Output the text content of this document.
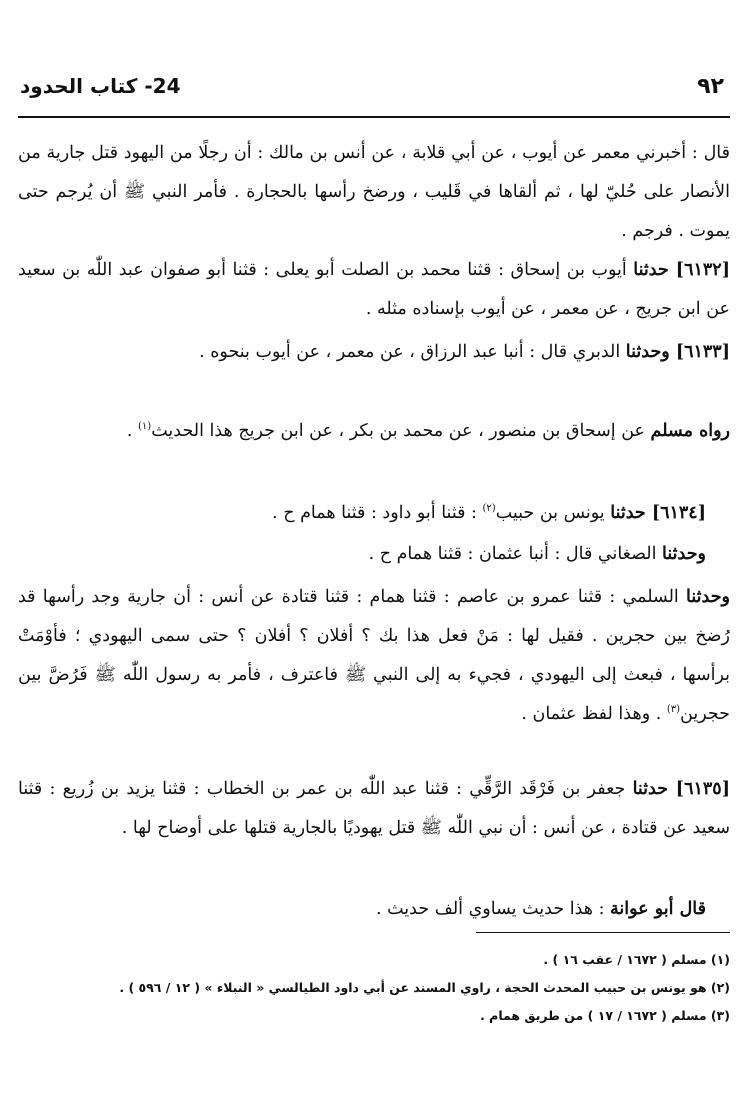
٩٢
24- كتاب الحدود

قال : أخبرني معمر عن أيوب ، عن أبي قلابة ، عن أنس بن مالك : أن رجلًا من اليهود قتل جارية من الأنصار على حُليّ لها ، ثم ألقاها في قَليب ، ورضخ رأسها بالحجارة . فأمر النبي ﷺ أن يُرجم حتى يموت . فرجم .

[٦١٣٢] حدثنا أيوب بن إسحاق : قثنا محمد بن الصلت أبو يعلى : قثنا أبو صفوان عبد اللّٰه بن سعيد عن ابن جريج ، عن معمر ، عن أيوب بإسناده مثله .

[٦١٣٣] وحدثنا الدبري قال : أنبا عبد الرزاق ، عن معمر ، عن أيوب بنحوه .

رواه مسلم عن إسحاق بن منصور ، عن محمد بن بكر ، عن ابن جريج هذا الحديث$^{(١)}$ .

[٦١٣٤] حدثنا يونس بن حبيب$^{(٢)}$ : قثنا أبو داود : قثنا همام ح .

وحدثنا الصغاني قال : أنبا عثمان : قثنا همام ح .

وحدثنا السلمي : قثنا عمرو بن عاصم : قثنا همام : قثنا قتادة عن أنس : أن جارية وجد رأسها قد رُضخ بين حجرين . فقيل لها : مَنْ فعل هذا بك ؟ أفلان ؟ أفلان ؟ حتى سمى اليهودي ؛ فأوْمَتْ برأسها ، فبعث إلى اليهودي ، فجيء به إلى النبي ﷺ فاعترف ، فأمر به رسول اللّٰه ﷺ فَرُضَّ بين حجرين$^{(٣)}$ . وهذا لفظ عثمان .

[٦١٣٥] حدثنا جعفر بن فَرْقَد الرَّقِّي : قثنا عبد اللّٰه بن عمر بن الخطاب : قثنا يزيد بن زُريع : قثنا سعيد عن قتادة ، عن أنس : أن نبي اللّٰه ﷺ قتل يهوديًا بالجارية قتلها على أوضاح لها .

قال أبو عوانة : هذا حديث يساوي ألف حديث .

(١) مسلم ( ١٦٧٢ / عقب ١٦ ) .
(٢) هو يونس بن حبيب المحدث الحجة ، راوي المسند عن أبي داود الطيالسي « النبلاء » ( ١٢ / ٥٩٦ ) .
(٣) مسلم ( ١٦٧٢ / ١٧ ) من طريق همام .
